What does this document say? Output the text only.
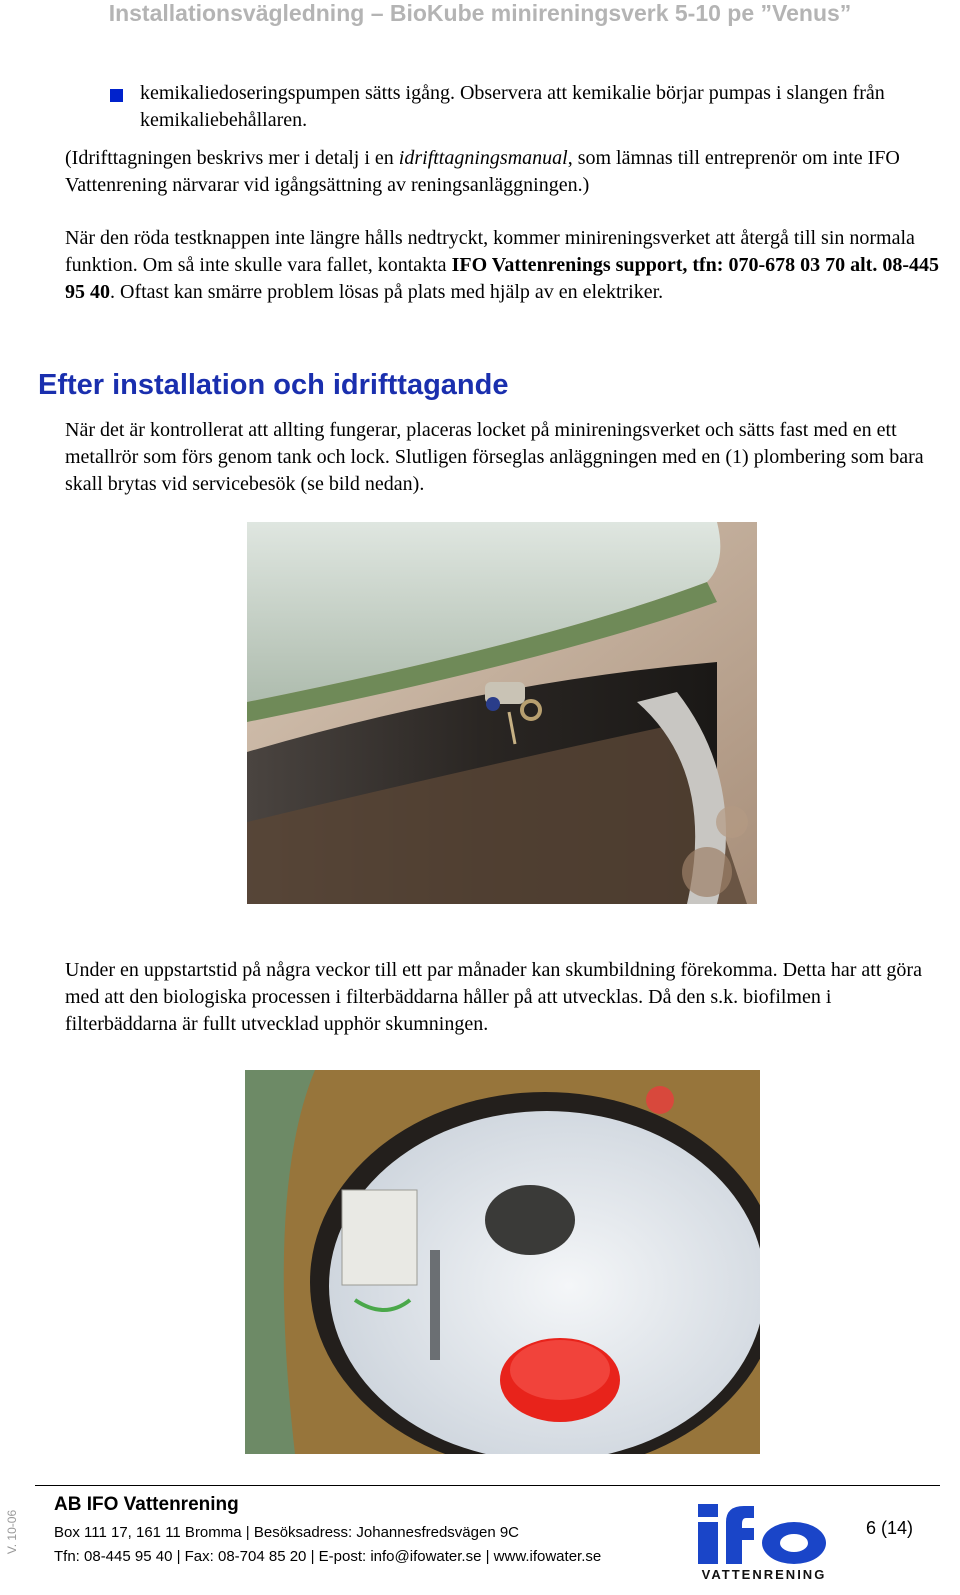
Installationsvägledning – BioKube minireningsverk 5-10 pe ”Venus”
kemikaliedoseringspumpen sätts igång. Observera att kemikalie börjar pumpas i slangen från kemikaliebehållaren.

(Idrifttagningen beskrivs mer i detalj i en idrifttagningsmanual, som lämnas till entreprenör om inte IFO Vattenrening närvarar vid igångsättning av reningsanläggningen.)

När den röda testknappen inte längre hålls nedtryckt, kommer minireningsverket att återgå till sin normala funktion. Om så inte skulle vara fallet, kontakta IFO Vattenrenings support, tfn: 070-678 03 70 alt. 08-445 95 40. Oftast kan smärre problem lösas på plats med hjälp av en elektriker.

Efter installation och idrifttagande

När det är kontrollerat att allting fungerar, placeras locket på minireningsverket och sätts fast med en ett metallrör som förs genom tank och lock. Slutligen förseglas anläggningen med en (1) plombering som bara skall brytas vid servicebesök (se bild nedan).

Under en uppstartstid på några veckor till ett par månader kan skumbildning förekomma. Detta har att göra med att den biologiska processen i filterbäddarna håller på att utvecklas. Då den s.k. biofilmen i filterbäddarna är fullt utvecklad upphör skumningen.

V. 10-06
AB IFO Vattenrening
Box 111 17, 161 11 Bromma | Besöksadress: Johannesfredsvägen 9C
Tfn: 08-445 95 40 | Fax: 08-704 85 20 | E-post: info@ifowater.se | www.ifowater.se
VATTENRENING
6 (14)
